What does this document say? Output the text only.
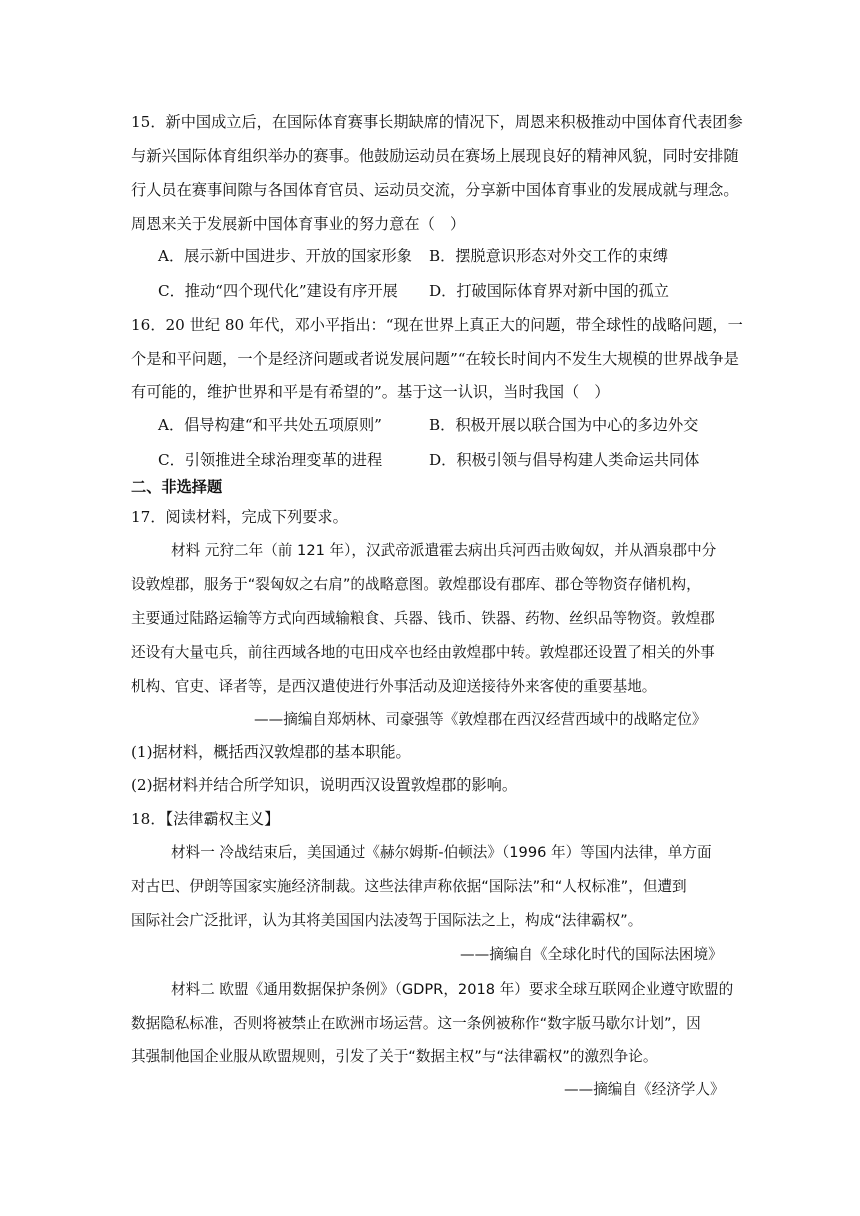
15．新中国成立后，在国际体育赛事长期缺席的情况下，周恩来积极推动中国体育代表团参
与新兴国际体育组织举办的赛事。他鼓励运动员在赛场上展现良好的精神风貌，同时安排随
行人员在赛事间隙与各国体育官员、运动员交流，分享新中国体育事业的发展成就与理念。
周恩来关于发展新中国体育事业的努力意在（　）
A．展示新中国进步、开放的国家形象 B．摆脱意识形态对外交工作的束缚
C．推动“四个现代化”建设有序开展 D．打破国际体育界对新中国的孤立
16．20 世纪 80 年代，邓小平指出：“现在世界上真正大的问题，带全球性的战略问题，一
个是和平问题，一个是经济问题或者说发展问题”“在较长时间内不发生大规模的世界战争是
有可能的，维护世界和平是有希望的”。基于这一认识，当时我国（　）
A．倡导构建“和平共处五项原则”	B．积极开展以联合国为中心的多边外交
C．引领推进全球治理变革的进程	D．积极引领与倡导构建人类命运共同体
二、非选择题
17．阅读材料，完成下列要求。
材料 元狩二年（前 121 年），汉武帝派遣霍去病出兵河西击败匈奴，并从酒泉郡中分
设敦煌郡，服务于“裂匈奴之右肩”的战略意图。敦煌郡设有郡库、郡仓等物资存储机构，
主要通过陆路运输等方式向西域输粮食、兵器、钱币、铁器、药物、丝织品等物资。敦煌郡
还设有大量屯兵，前往西域各地的屯田戍卒也经由敦煌郡中转。敦煌郡还设置了相关的外事
机构、官吏、译者等，是西汉遣使进行外事活动及迎送接待外来客使的重要基地。
——摘编自郑炳林、司豪强等《敦煌郡在西汉经营西域中的战略定位》
(1)据材料，概括西汉敦煌郡的基本职能。
(2)据材料并结合所学知识，说明西汉设置敦煌郡的影响。
18．【法律霸权主义】
材料一 冷战结束后，美国通过《赫尔姆斯-伯顿法》（1996 年）等国内法律，单方面
对古巴、伊朗等国家实施经济制裁。这些法律声称依据“国际法”和“人权标准”，但遭到
国际社会广泛批评，认为其将美国国内法凌驾于国际法之上，构成“法律霸权”。
——摘编自《全球化时代的国际法困境》
材料二 欧盟《通用数据保护条例》（GDPR，2018 年）要求全球互联网企业遵守欧盟的
数据隐私标准，否则将被禁止在欧洲市场运营。这一条例被称作“数字版马歇尔计划”，因
其强制他国企业服从欧盟规则，引发了关于“数据主权”与“法律霸权”的激烈争论。
——摘编自《经济学人》
